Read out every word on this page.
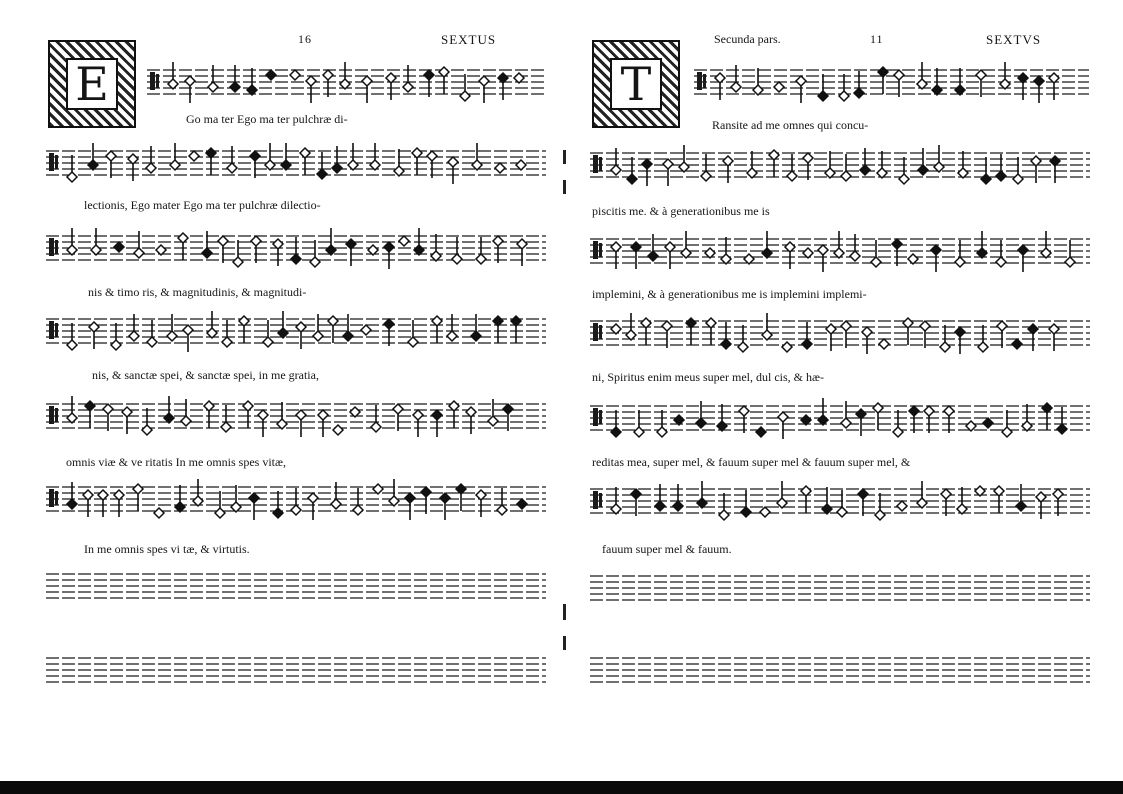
16	SEXTUS
E
Go ma ter Ego ma ter pulchræ di-
lectionis, Ego mater Ego ma ter pulchræ dilectio-
nis & timo ris, & magnitudinis, & magnitudi-
nis, & sanctæ spei, & sanctæ spei, in me gratia,
omnis viæ & ve ritatis In me omnis spes vitæ,
In me omnis spes vi tæ, & virtutis.
Secunda pars.	11	SEXTVS
T
Ransite ad me omnes qui concu-
piscitis me. & à generationibus me is
implemini, & à generationibus me is implemini implemi-
ni, Spiritus enim meus super mel, dul cis, & hæ-
reditas mea, super mel, & fauum super mel & fauum super mel, &
fauum super mel & fauum.
